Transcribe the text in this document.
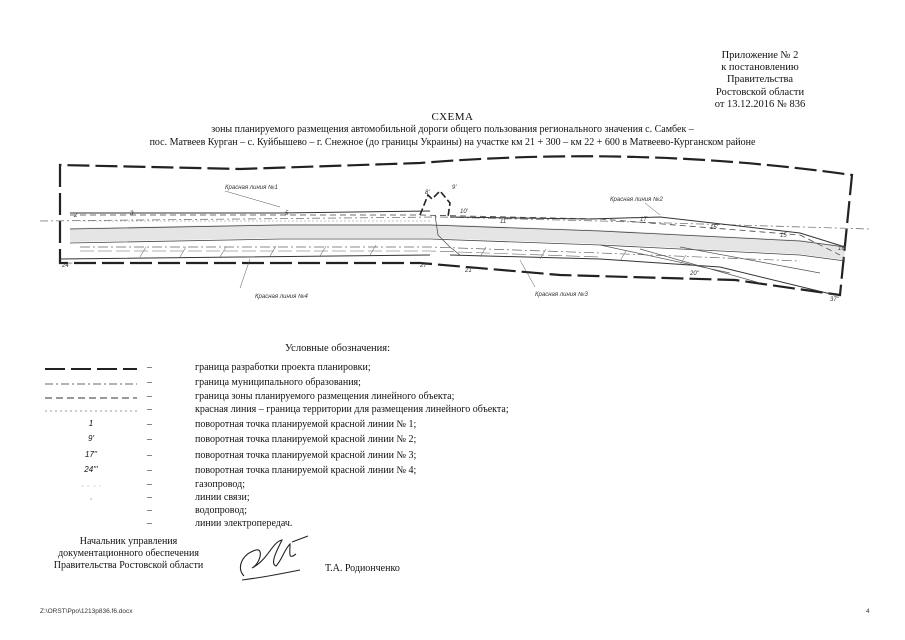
Приложение № 2
к постановлению
Правительства
Ростовской области
от 13.12.2016 № 836
СХЕМА
зоны планируемого размещения автомобильной дороги общего пользования регионального значения с. Самбек –
пос. Матвеев Курган – с. Куйбышево – г. Снежное (до границы Украины) на участке км 21 + 300 – км 22 + 600 в Матвеево-Курганском районе
2	3	5
8'
9'
10'
11'	17'
15'
15
16'
24'''	27'''
21''	20''
37''
Красная линия №1
Красная линия №2
Красная линия №3
Красная линия №4
Условные обозначения:
–	граница разработки проекта планировки;
–	граница муниципального образования;
–	граница зоны планируемого размещения линейного объекта;
–	красная линия – граница территории для размещения линейного объекта;
1	–	поворотная точка планируемой красной линии № 1;
9'	–	поворотная точка планируемой красной линии № 2;
17''	–	поворотная точка планируемой красной линии № 3;
24'''	–	поворотная точка планируемой красной линии № 4;
–	газопровод;
–	линии связи;
–	водопровод;
–	линии электропередач.
Начальник управления
документационного обеспечения
Правительства Ростовской области	Т.А. Родионченко
Z:\ORST\Ppo\1213p836.f6.docx	4
